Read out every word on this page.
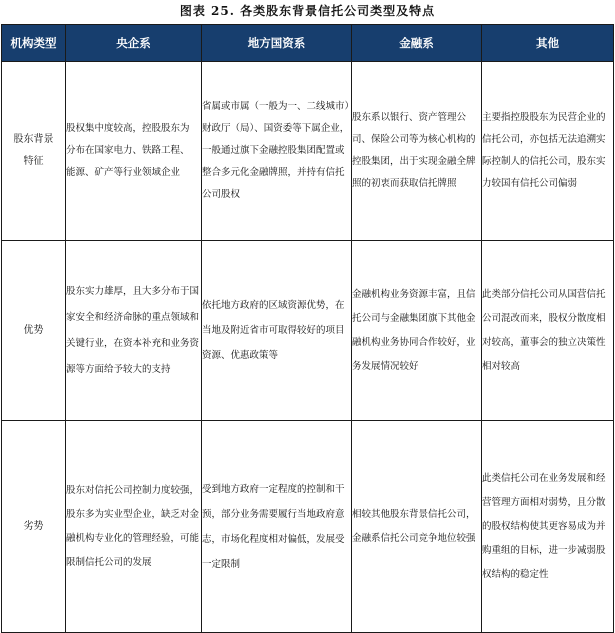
图表 25. 各类股东背景信托公司类型及特点
机构类型	央企系	地方国资系	金融系	其他

股东背景
特征	股权集中度较高，控股股东为分布在国家电力、铁路工程、能源、矿产等行业领域企业	省属或市属（一般为一、二线城市）财政厅（局）、国资委等下属企业，一般通过旗下金融控股集团配置或整合多元化金融牌照，并持有信托公司股权	股东系以银行、资产管理公司、保险公司等为核心机构的控股集团，出于实现金融全牌照的初衷而获取信托牌照	主要指控股股东为民营企业的信托公司，亦包括无法追溯实际控制人的信托公司，股东实力较国有信托公司偏弱

优势	股东实力雄厚，且大多分布于国家安全和经济命脉的重点领域和关键行业，在资本补充和业务资源等方面给予较大的支持	依托地方政府的区域资源优势，在当地及附近省市可取得较好的项目资源、优惠政策等	金融机构业务资源丰富，且信托公司与金融集团旗下其他金融机构业务协同合作较好，业务发展情况较好	此类部分信托公司从国营信托公司混改而来，股权分散度相对较高，董事会的独立决策性相对较高

劣势	股东对信托公司控制力度较强，股东多为实业型企业，缺乏对金融机构专业化的管理经验，可能限制信托公司的发展	受到地方政府一定程度的控制和干预，部分业务需要履行当地政府意志，市场化程度相对偏低，发展受一定限制	相较其他股东背景信托公司，金融系信托公司竞争地位较强	此类信托公司在业务发展和经营管理方面相对弱势，且分散的股权结构使其更容易成为并购重组的目标，进一步减弱股权结构的稳定性
